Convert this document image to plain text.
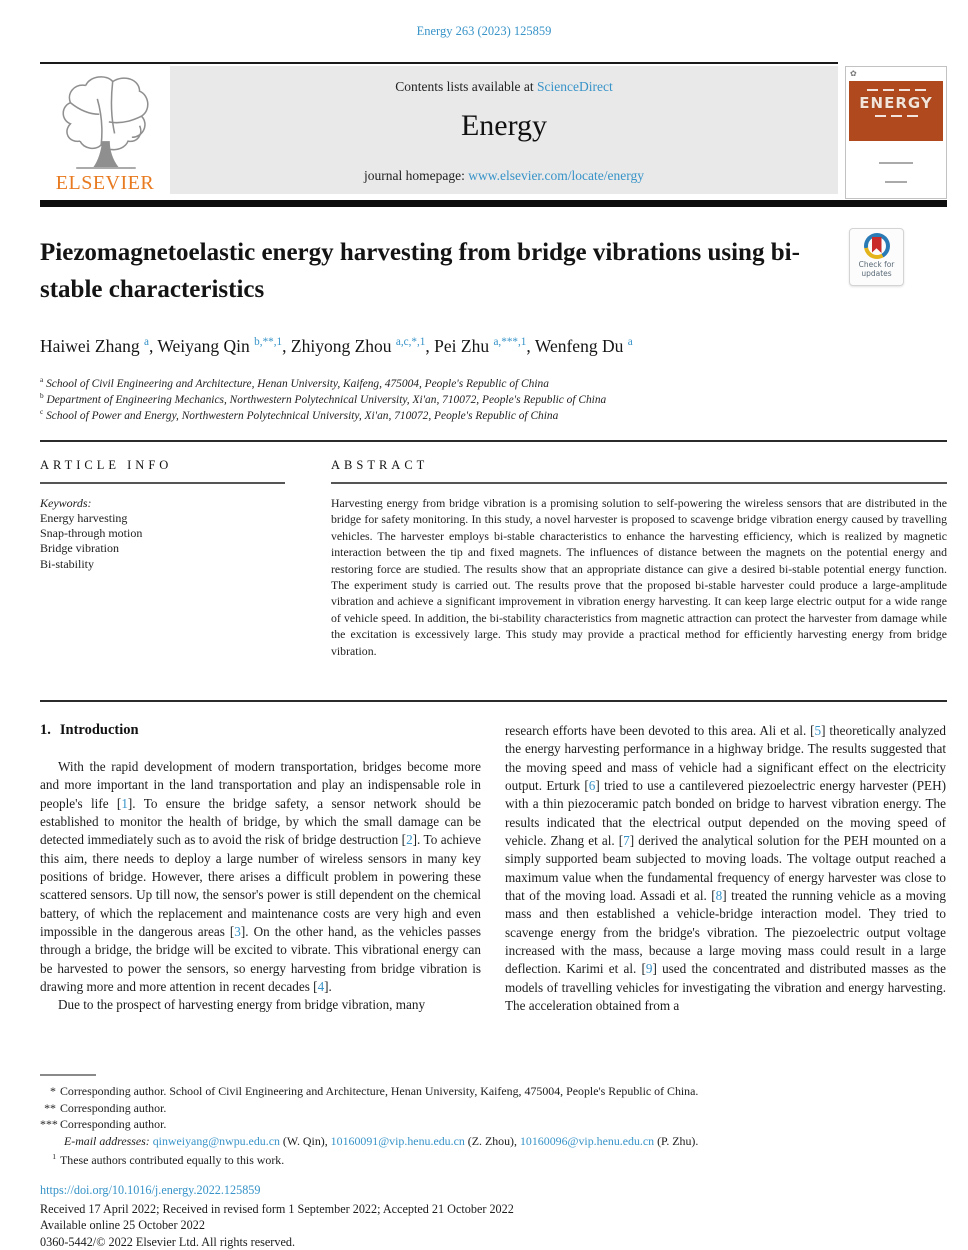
Energy 263 (2023) 125859
ELSEVIER
Contents lists available at ScienceDirect
Energy
journal homepage: www.elsevier.com/locate/energy
✿
ENERGY

Piezomagnetoelastic energy harvesting from bridge vibrations using bi-stable characteristics
Check for
updates
Haiwei Zhang $^a$, Weiyang Qin $^{b,**,1}$, Zhiyong Zhou $^{a,c,*,1}$, Pei Zhu $^{a,***,1}$, Wenfeng Du $^a$
$^a$ School of Civil Engineering and Architecture, Henan University, Kaifeng, 475004, People's Republic of China
$^b$ Department of Engineering Mechanics, Northwestern Polytechnical University, Xi'an, 710072, People's Republic of China
$^c$ School of Power and Energy, Northwestern Polytechnical University, Xi'an, 710072, People's Republic of China
ARTICLE INFO
Keywords:
Energy harvesting
Snap-through motion
Bridge vibration
Bi-stability
ABSTRACT
Harvesting energy from bridge vibration is a promising solution to self-powering the wireless sensors that are distributed in the bridge for safety monitoring. In this study, a novel harvester is proposed to scavenge bridge vibration energy caused by travelling vehicles. The harvester employs bi-stable characteristics to enhance the harvesting efficiency, which is realized by magnetic interaction between the tip and fixed magnets. The influences of distance between the magnets on the potential energy and restoring force are studied. The results show that an appropriate distance can give a desired bi-stable potential energy function. The experiment study is carried out. The results prove that the proposed bi-stable harvester could produce a large-amplitude vibration and achieve a significant improvement in vibration energy harvesting. It can keep large electric output for a wide range of vehicle speed. In addition, the bi-stability characteristics from magnetic attraction can protect the harvester from damage while the excitation is excessively large. This study may provide a practical method for efficiently harvesting energy from bridge vibration.
1. Introduction

With the rapid development of modern transportation, bridges become more and more important in the land transportation and play an indispensable role in people's life [1]. To ensure the bridge safety, a sensor network should be established to monitor the health of bridge, by which the small damage can be detected immediately such as to avoid the risk of bridge destruction [2]. To achieve this aim, there needs to deploy a large number of wireless sensors in many key positions of bridge. However, there arises a difficult problem in powering these scattered sensors. Up till now, the sensor's power is still dependent on the chemical battery, of which the replacement and maintenance costs are very high and even impossible in the dangerous areas [3]. On the other hand, as the vehicles passes through a bridge, the bridge will be excited to vibrate. This vibrational energy can be harvested to power the sensors, so energy harvesting from bridge vibration is drawing more and more attention in recent decades [4].

Due to the prospect of harvesting energy from bridge vibration, many

research efforts have been devoted to this area. Ali et al. [5] theoretically analyzed the energy harvesting performance in a highway bridge. The results suggested that the moving speed and mass of vehicle had a significant effect on the electricity output. Erturk [6] tried to use a cantilevered piezoelectric energy harvester (PEH) with a thin piezoceramic patch bonded on bridge to harvest vibration energy. The results indicated that the electrical output depended on the moving speed of vehicle. Zhang et al. [7] derived the analytical solution for the PEH mounted on a simply supported beam subjected to moving loads. The voltage output reached a maximum value when the fundamental frequency of energy harvester was close to that of the moving load. Assadi et al. [8] treated the running vehicle as a moving mass and then established a vehicle-bridge interaction model. They tried to scavenge energy from the bridge's vibration. The piezoelectric output voltage increased with the mass, because a large moving mass could result in a large deflection. Karimi et al. [9] used the concentrated and distributed masses as the models of travelling vehicles for investigating the vibration and energy harvesting. The acceleration obtained from a

* Corresponding author. School of Civil Engineering and Architecture, Henan University, Kaifeng, 475004, People's Republic of China.
** Corresponding author.
*** Corresponding author.
E-mail addresses: qinweiyang@nwpu.edu.cn (W. Qin), 10160091@vip.henu.edu.cn (Z. Zhou), 10160096@vip.henu.edu.cn (P. Zhu).
1 These authors contributed equally to this work.
https://doi.org/10.1016/j.energy.2022.125859
Received 17 April 2022; Received in revised form 1 September 2022; Accepted 21 October 2022
Available online 25 October 2022
0360-5442/© 2022 Elsevier Ltd. All rights reserved.
